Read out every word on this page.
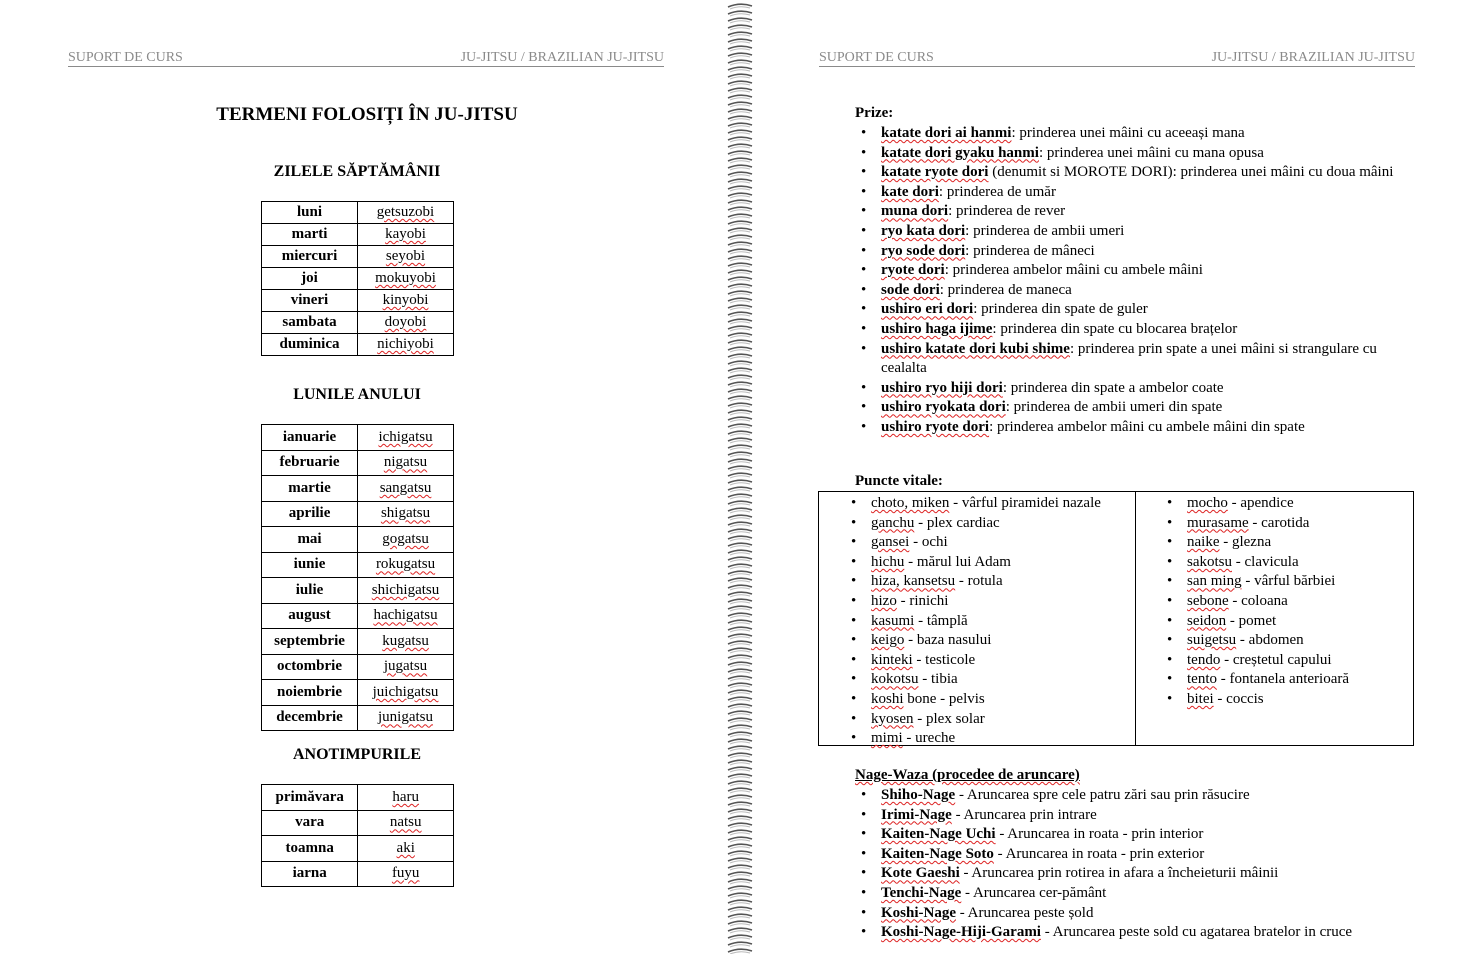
SUPORT DE CURS	JU-JITSU / BRAZILIAN JU-JITSU
TERMENI FOLOSIȚI ÎN JU-JITSU
ZILELE SĂPTĂMÂNII
luni	getsuzobi
marti	kayobi
miercuri	seyobi
joi	mokuyobi
vineri	kinyobi
sambata	doyobi
duminica	nichiyobi
LUNILE ANULUI
ianuarie	ichigatsu
februarie	nigatsu
martie	sangatsu
aprilie	shigatsu
mai	gogatsu
iunie	rokugatsu
iulie	shichigatsu
august	hachigatsu
septembrie	kugatsu
octombrie	jugatsu
noiembrie	juichigatsu
decembrie	junigatsu
ANOTIMPURILE
primăvara	haru
vara	natsu
toamna	aki
iarna	fuyu
SUPORT DE CURS	JU-JITSU / BRAZILIAN JU-JITSU
Prize:
• katate dori ai hanmi: prinderea unei mâini cu aceeași mana
• katate dori gyaku hanmi: prinderea unei mâini cu mana opusa
• katate ryote dori (denumit si MOROTE DORI): prinderea unei mâini cu doua mâini
• kate dori: prinderea de umăr
• muna dori: prinderea de rever
• ryo kata dori: prinderea de ambii umeri
• ryo sode dori: prinderea de mâneci
• ryote dori: prinderea ambelor mâini cu ambele mâini
• sode dori: prinderea de maneca
• ushiro eri dori: prinderea din spate de guler
• ushiro haga ijime: prinderea din spate cu blocarea brațelor
• ushiro katate dori kubi shime: prinderea prin spate a unei mâini si strangulare cu cealalta
• ushiro ryo hiji dori: prinderea din spate a ambelor coate
• ushiro ryokata dori: prinderea de ambii umeri din spate
• ushiro ryote dori: prinderea ambelor mâini cu ambele mâini din spate
Puncte vitale:
• choto, miken - vârful piramidei nazale
• ganchu - plex cardiac
• gansei - ochi
• hichu - mărul lui Adam
• hiza, kansetsu - rotula
• hizo - rinichi
• kasumi - tâmplă
• keigo - baza nasului
• kinteki - testicole
• kokotsu - tibia
• koshi bone - pelvis
• kyosen - plex solar
• mimi - ureche
• mocho - apendice
• murasame - carotida
• naike - glezna
• sakotsu - clavicula
• san ming - vârful bărbiei
• sebone - coloana
• seidon - pomet
• suigetsu - abdomen
• tendo - creștetul capului
• tento - fontanela anterioară
• bitei - coccis
Nage-Waza (procedee de aruncare)
• Shiho-Nage - Aruncarea spre cele patru zări sau prin răsucire
• Irimi-Nage - Aruncarea prin intrare
• Kaiten-Nage Uchi - Aruncarea in roata - prin interior
• Kaiten-Nage Soto - Aruncarea in roata - prin exterior
• Kote Gaeshi - Aruncarea prin rotirea in afara a încheieturii mâinii
• Tenchi-Nage - Aruncarea cer-pământ
• Koshi-Nage - Aruncarea peste șold
• Koshi-Nage-Hiji-Garami - Aruncarea peste sold cu agatarea bratelor in cruce
